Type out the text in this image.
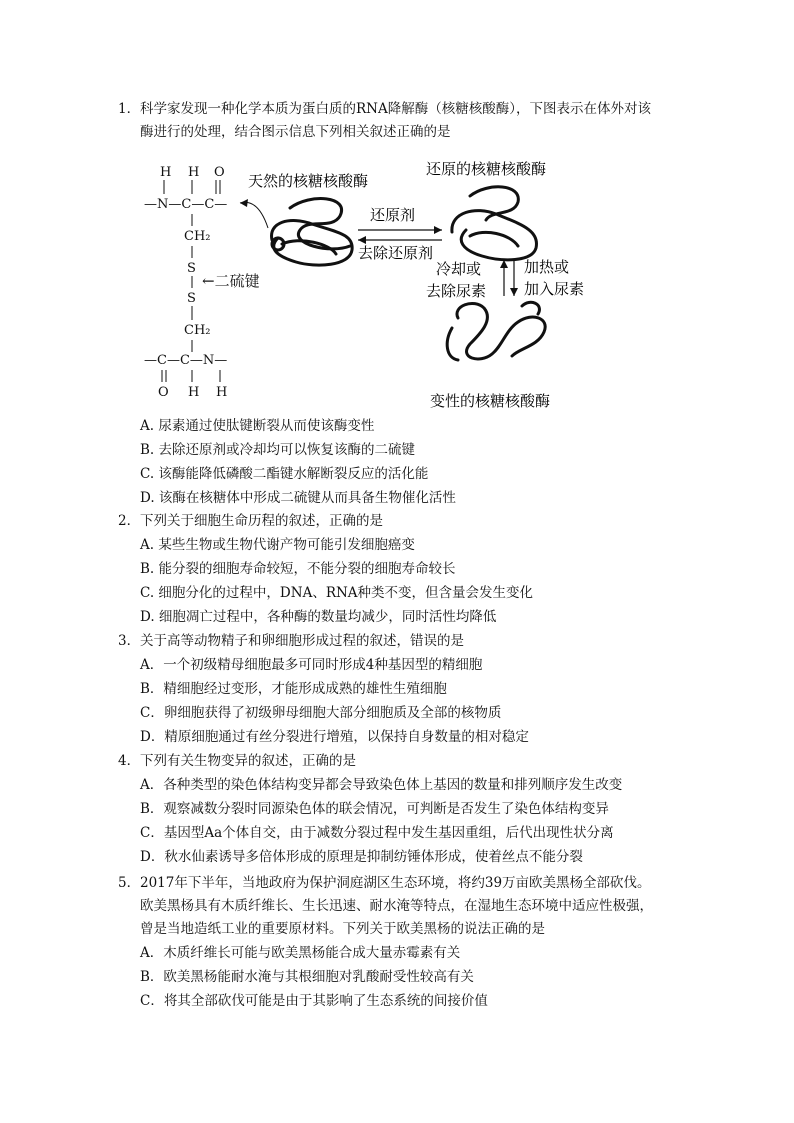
1．科学家发现一种化学本质为蛋白质的RNA降解酶（核糖核酸酶），下图表示在体外对该
酶进行的处理，结合图示信息下列相关叙述正确的是

H H O
—N—C—C—
CH₂
S
←二硫键
S
CH₂
—C—C—N—
O H H
天然的核糖核酸酶
还原剂
去除还原剂
还原的核糖核酸酶
冷却或
去除尿素
加热或
加入尿素
变性的核糖核酸酶

A. 尿素通过使肽键断裂从而使该酶变性

B. 去除还原剂或冷却均可以恢复该酶的二硫键

C. 该酶能降低磷酸二酯键水解断裂反应的活化能

D. 该酶在核糖体中形成二硫键从而具备生物催化活性

2．下列关于细胞生命历程的叙述，正确的是

A. 某些生物或生物代谢产物可能引发细胞癌变

B. 能分裂的细胞寿命较短，不能分裂的细胞寿命较长

C. 细胞分化的过程中，DNA、RNA种类不变，但含量会发生变化

D. 细胞凋亡过程中，各种酶的数量均减少，同时活性均降低

3．关于高等动物精子和卵细胞形成过程的叙述，错误的是

A．一个初级精母细胞最多可同时形成4种基因型的精细胞

B．精细胞经过变形，才能形成成熟的雄性生殖细胞

C．卵细胞获得了初级卵母细胞大部分细胞质及全部的核物质

D．精原细胞通过有丝分裂进行增殖，以保持自身数量的相对稳定

4．下列有关生物变异的叙述，正确的是

A．各种类型的染色体结构变异都会导致染色体上基因的数量和排列顺序发生改变

B．观察减数分裂时同源染色体的联会情况，可判断是否发生了染色体结构变异

C．基因型Aa个体自交，由于减数分裂过程中发生基因重组，后代出现性状分离

D．秋水仙素诱导多倍体形成的原理是抑制纺锤体形成，使着丝点不能分裂

5．2017年下半年，当地政府为保护洞庭湖区生态环境，将约39万亩欧美黑杨全部砍伐。
欧美黑杨具有木质纤维长、生长迅速、耐水淹等特点，在湿地生态环境中适应性极强，
曾是当地造纸工业的重要原材料。下列关于欧美黑杨的说法正确的是

A．木质纤维长可能与欧美黑杨能合成大量赤霉素有关

B．欧美黑杨能耐水淹与其根细胞对乳酸耐受性较高有关

C．将其全部砍伐可能是由于其影响了生态系统的间接价值
